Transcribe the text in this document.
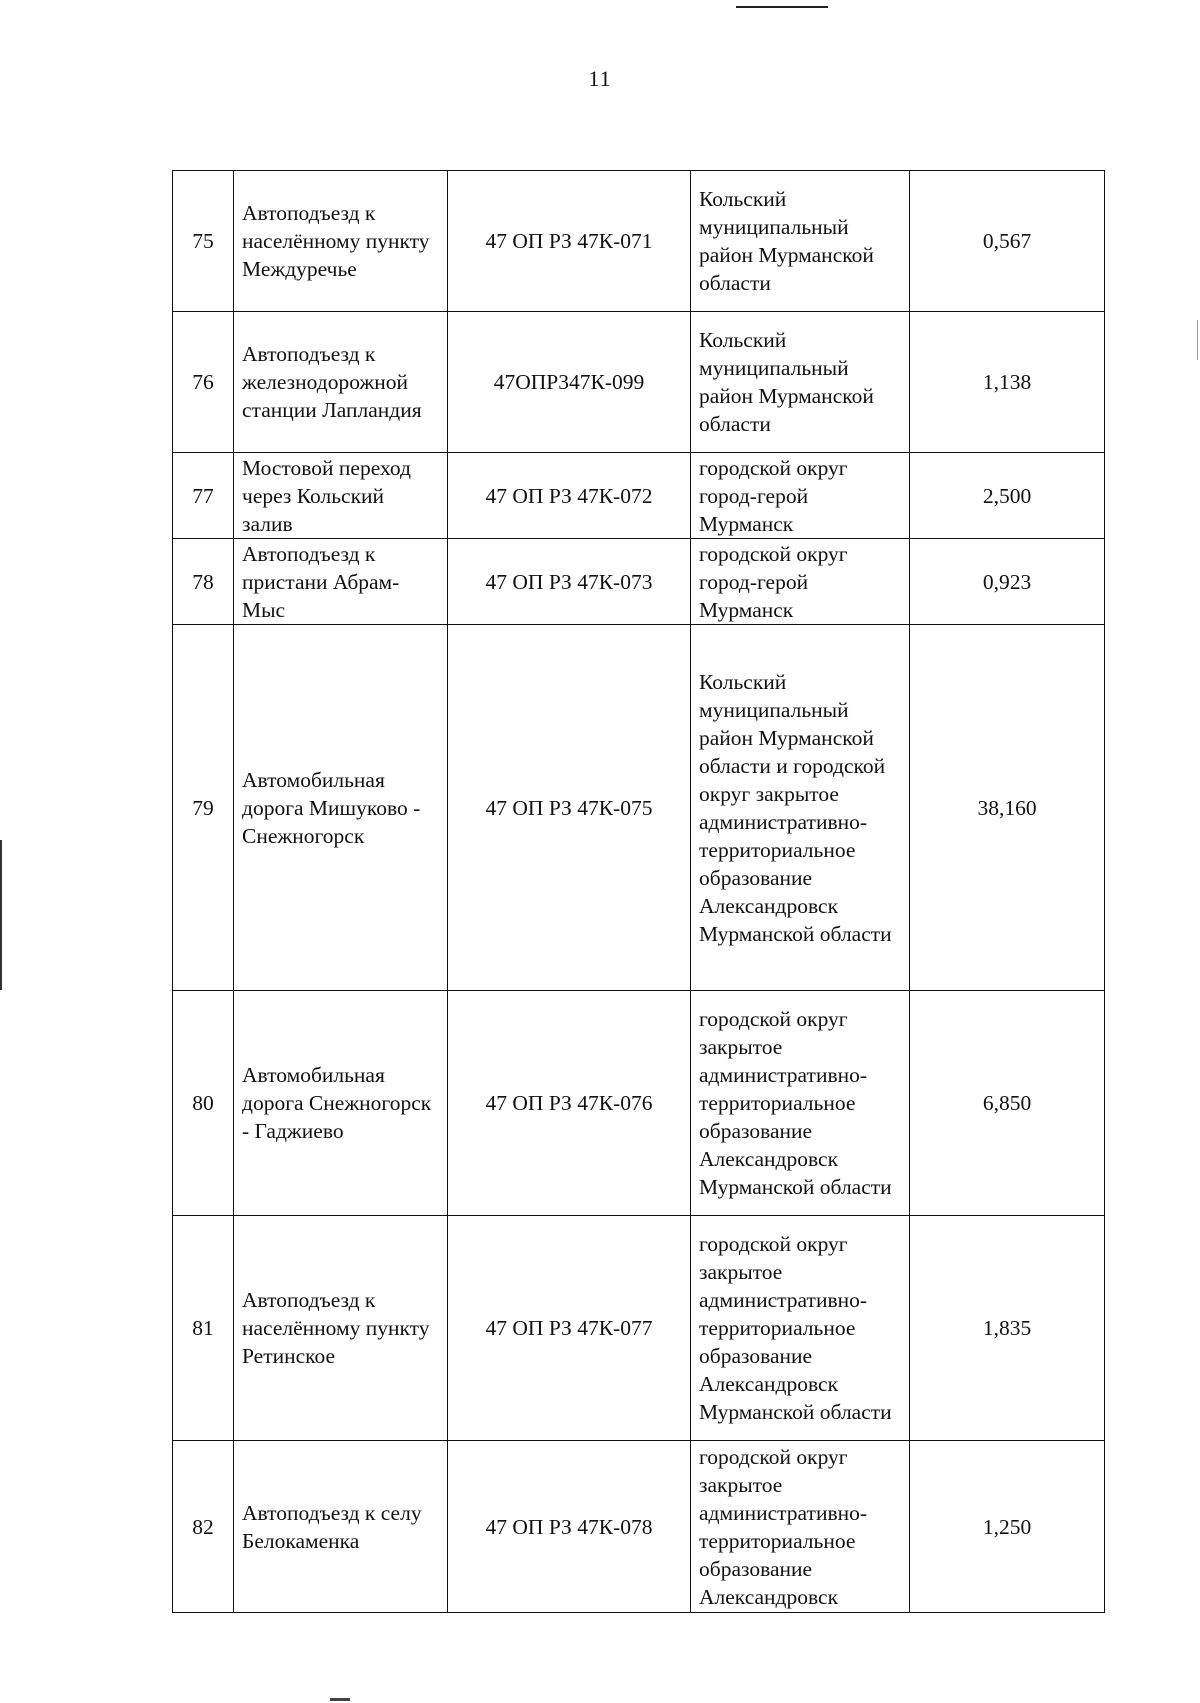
11
75	Автоподъезд к населённому пункту Междуречье	47 ОП РЗ 47К-071	Кольский муниципальный район Мурманской области	0,567
76	Автоподъезд к железнодорожной станции Лапландия	47ОПР347К-099	Кольский муниципальный район Мурманской области	1,138
77	Мостовой переход через Кольский залив	47 ОП РЗ 47К-072	городской округ город-герой Мурманск	2,500
78	Автоподъезд к пристани Абрам-Мыс	47 ОП РЗ 47К-073	городской округ город-герой Мурманск	0,923
79	Автомобильная дорога Мишуково - Снежногорск	47 ОП РЗ 47К-075	Кольский муниципальный район Мурманской области и городской округ закрытое административно-территориальное образование Александровск Мурманской области	38,160
80	Автомобильная дорога Снежногорск - Гаджиево	47 ОП РЗ 47К-076	городской округ закрытое административно-территориальное образование Александровск Мурманской области	6,850
81	Автоподъезд к населённому пункту Ретинское	47 ОП РЗ 47К-077	городской округ закрытое административно-территориальное образование Александровск Мурманской области	1,835
82	Автоподъезд к селу Белокаменка	47 ОП РЗ 47К-078	городской округ закрытое административно-территориальное образование Александровск	1,250
